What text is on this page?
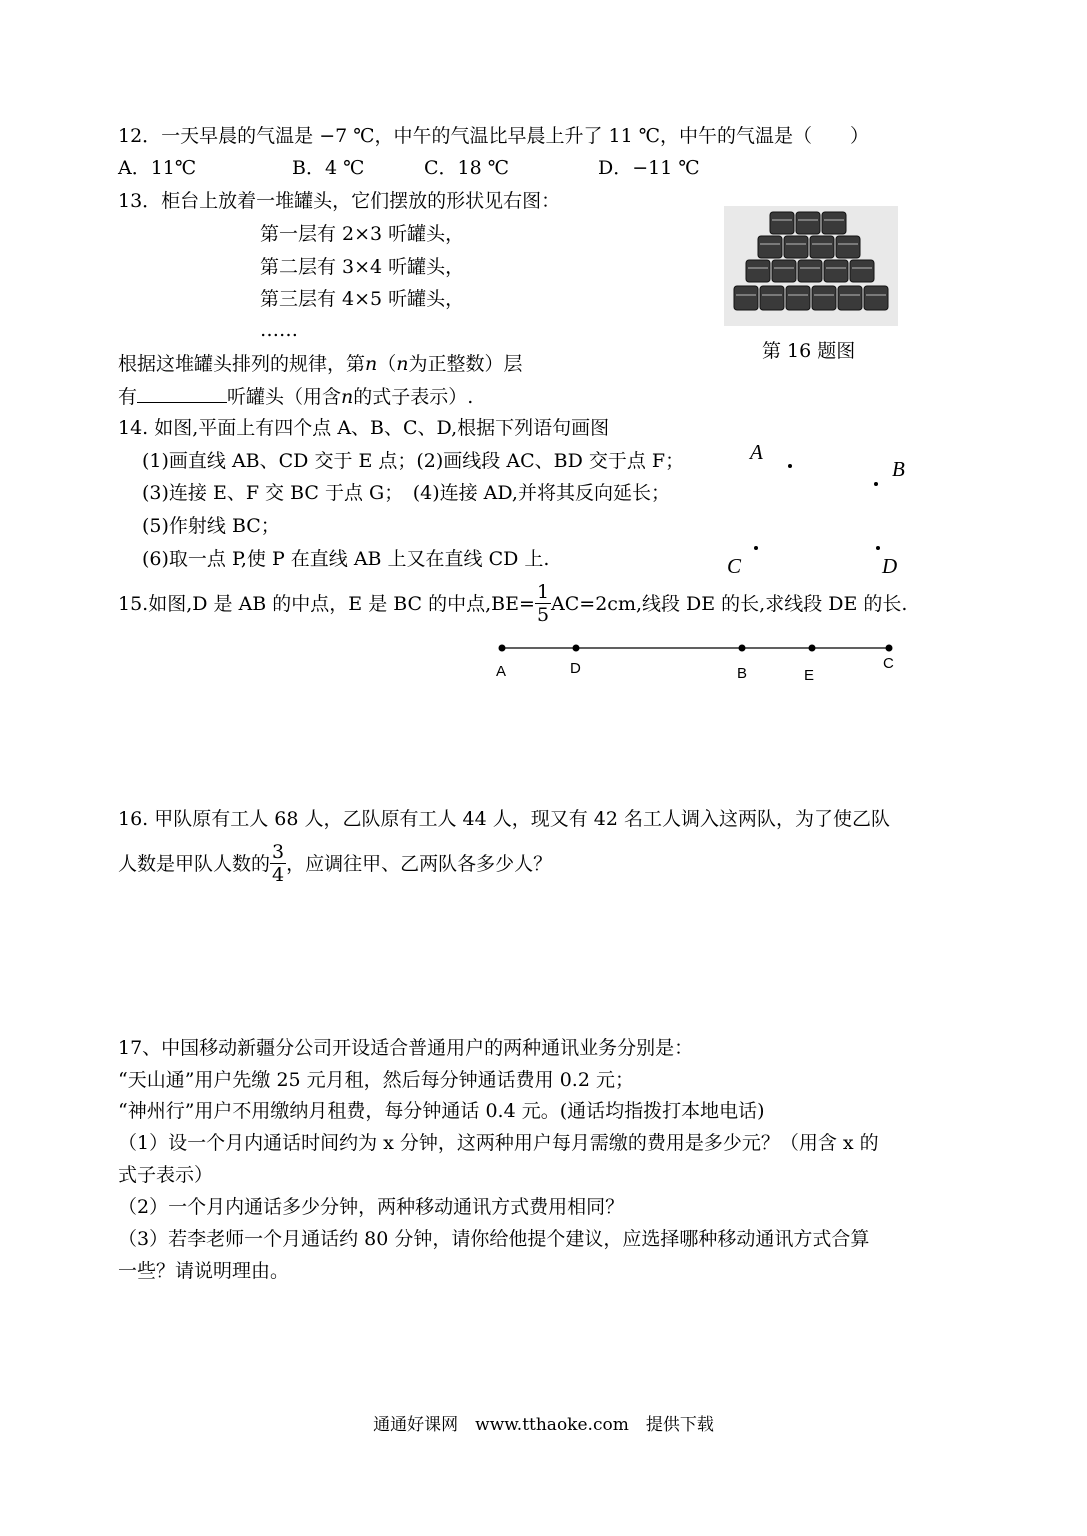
12．一天早晨的气温是 −7 ℃，中午的气温比早晨上升了 11 ℃，中午的气温是（　　）
A．11℃	B．4 ℃	C．18 ℃	D．−11 ℃
13．柜台上放着一堆罐头，它们摆放的形状见右图：
第一层有 2×3 听罐头，
第二层有 3×4 听罐头，
第三层有 4×5 听罐头，
……
根据这堆罐头排列的规律，第n（n为正整数）层
有	听罐头（用含n的式子表示）.
第 16 题图
14. 如图,平面上有四个点 A、B、C、D,根据下列语句画图
(1)画直线 AB、CD 交于 E 点；(2)画线段 AC、BD 交于点 F；
(3)连接 E、F 交 BC 于点 G；　(4)连接 AD,并将其反向延长；
(5)作射线 BC；
(6)取一点 P,使 P 在直线 AB 上又在直线 CD 上.
A
B
C	D
15.如图,D 是 AB 的中点，E 是 BC 的中点$,BE= \frac{1}{5} AC=2cm$,线段 DE 的长,求线段 DE 的长.
A	D	B	E
C
16. 甲队原有工人 68 人，乙队原有工人 44 人，现又有 42 名工人调入这两队，为了使乙队
人数是甲队人数的 $\frac{3}{4}$ ，应调往甲、乙两队各多少人？
17、中国移动新疆分公司开设适合普通用户的两种通讯业务分别是：
“天山通”用户先缴 25 元月租，然后每分钟通话费用 0.2 元；
“神州行”用户不用缴纳月租费，每分钟通话 0.4 元。(通话均指拨打本地电话)
（1）设一个月内通话时间约为 x 分钟，这两种用户每月需缴的费用是多少元？（用含 x 的
式子表示）
（2）一个月内通话多少分钟，两种移动通讯方式费用相同？
（3）若李老师一个月通话约 80 分钟，请你给他提个建议，应选择哪种移动通讯方式合算
一些？请说明理由。
通通好课网　www.tthaoke.com　提供下载
